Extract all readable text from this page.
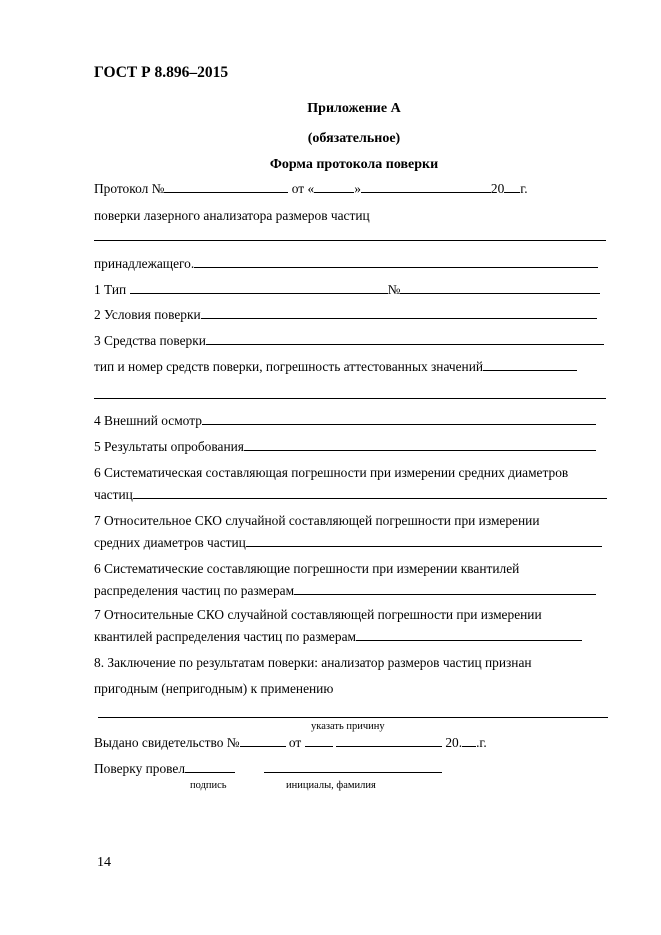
ГОСТ Р 8.896–2015
Приложение А
(обязательное)
Форма протокола поверки
Протокол №	от «	»	20 г.
поверки лазерного анализатора размеров частиц
принадлежащего.
1 Тип	№
2 Условия поверки
3 Средства поверки
тип и номер средств поверки, погрешность аттестованных значений
4 Внешний осмотр
5 Результаты опробования
6 Систематическая составляющая погрешности при измерении средних диаметров
частиц
7 Относительное СКО случайной составляющей погрешности при измерении
средних диаметров частиц
6 Систематические составляющие погрешности при измерении квантилей
распределения частиц по размерам
7 Относительные СКО случайной составляющей погрешности при измерении
квантилей распределения частиц по размерам
8. Заключение по результатам поверки: анализатор размеров частиц признан
пригодным (непригодным) к применению
указать причину
Выдано свидетельство №	от	20. .г.
Поверку провел
подпись	инициалы, фамилия
14
